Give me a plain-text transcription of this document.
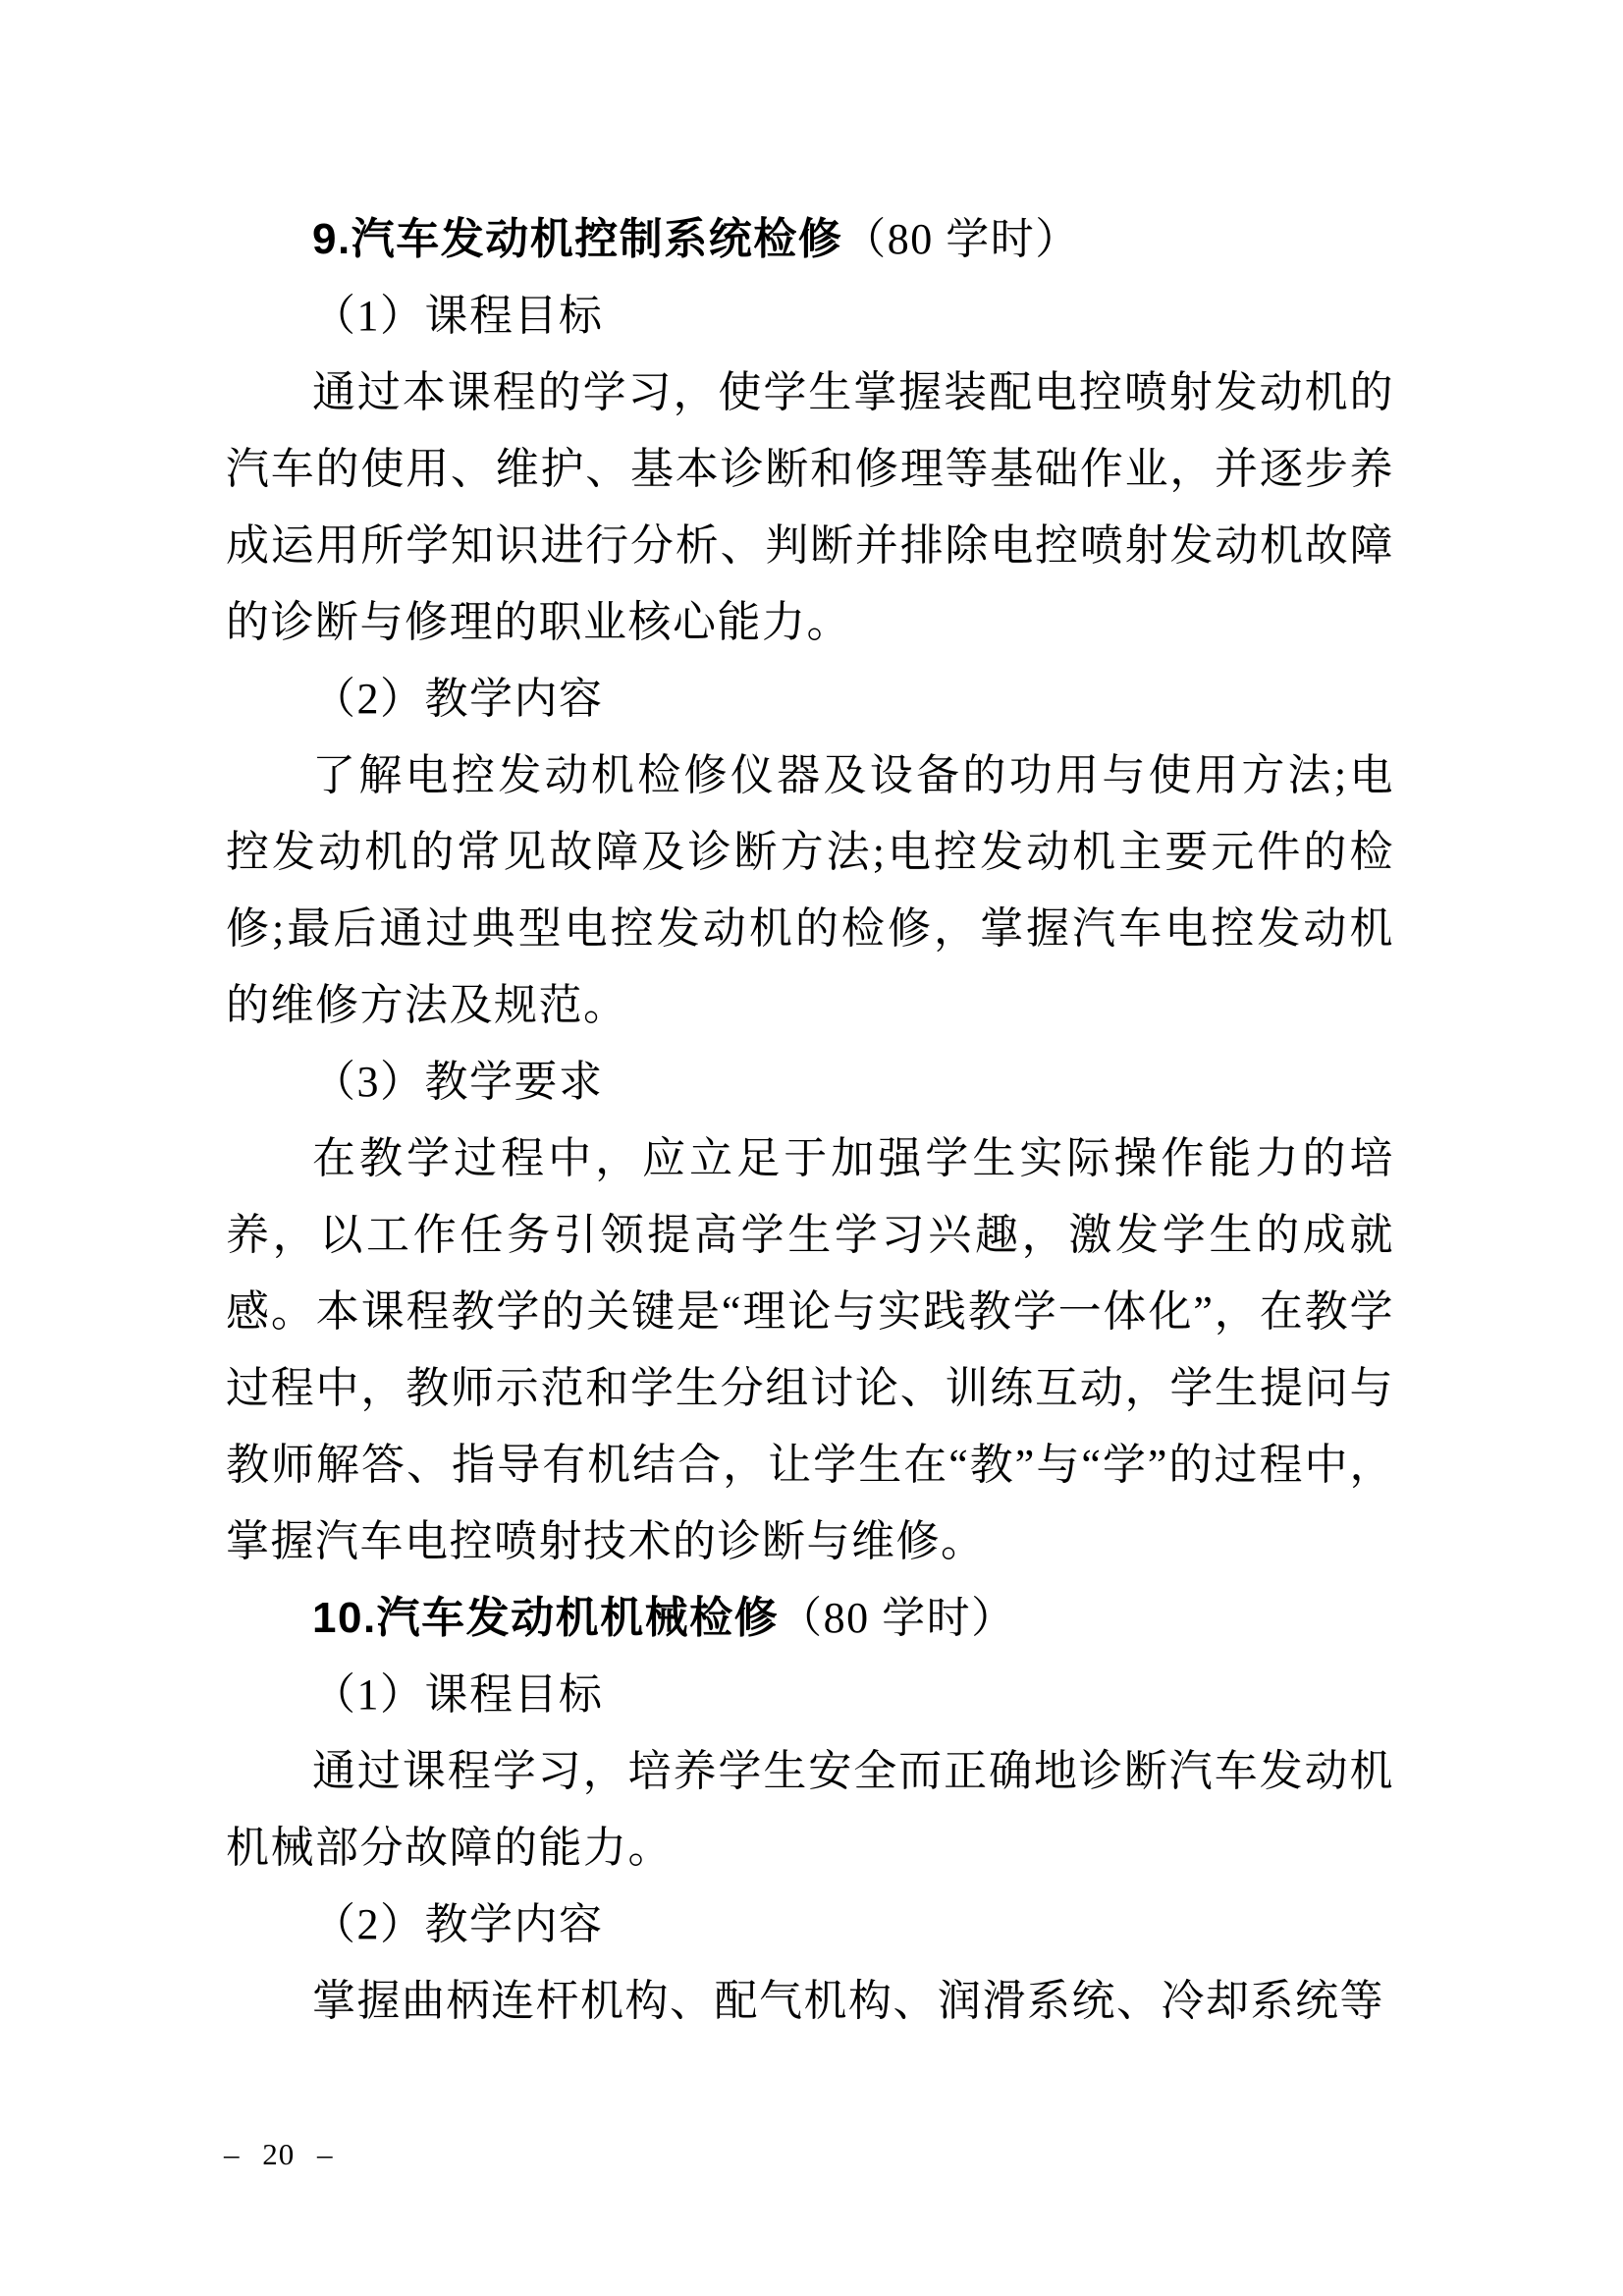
9.汽车发动机控制系统检修（80 学时）

（1）课程目标

通过本课程的学习，使学生掌握装配电控喷射发动机的汽车的使用、维护、基本诊断和修理等基础作业，并逐步养成运用所学知识进行分析、判断并排除电控喷射发动机故障的诊断与修理的职业核心能力。

（2）教学内容

了解电控发动机检修仪器及设备的功用与使用方法;电控发动机的常见故障及诊断方法;电控发动机主要元件的检修;最后通过典型电控发动机的检修，掌握汽车电控发动机的维修方法及规范。

（3）教学要求

在教学过程中，应立足于加强学生实际操作能力的培养，以工作任务引领提高学生学习兴趣，激发学生的成就感。本课程教学的关键是“理论与实践教学一体化”，在教学过程中，教师示范和学生分组讨论、训练互动，学生提问与教师解答、指导有机结合，让学生在“教”与“学”的过程中，掌握汽车电控喷射技术的诊断与维修。

10.汽车发动机机械检修（80 学时）

（1）课程目标

通过课程学习，培养学生安全而正确地诊断汽车发动机机械部分故障的能力。

（2）教学内容

掌握曲柄连杆机构、配气机构、润滑系统、冷却系统等

– 20 –
